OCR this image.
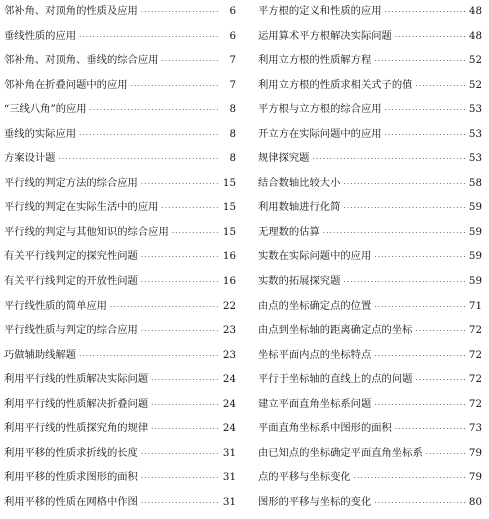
邻补角、对顶角的性质及应用 ·····	6
垂线性质的应用 ·····	6
邻补角、对顶角、垂线的综合应用 ·····	7
邻补角在折叠问题中的应用 ·····	7
“三线八角”的应用 ·····	8
垂线的实际应用 ·····	8
方案设计题 ·····	8
平行线的判定方法的综合应用 ·····	15
平行线的判定在实际生活中的应用 ·····	15
平行线的判定与其他知识的综合应用 ·····	15
有关平行线判定的探究性问题 ·····	16
有关平行线判定的开放性问题 ·····	16
平行线性质的简单应用 ·····	22
平行线性质与判定的综合应用 ·····	23
巧做辅助线解题 ·····	23
利用平行线的性质解决实际问题 ·····	24
利用平行线的性质解决折叠问题 ·····	24
利用平行线的性质探究角的规律 ·····	24
利用平移的性质求折线的长度 ·····	31
利用平移的性质求图形的面积 ·····	31
利用平移的性质在网格中作图 ·····	31
平方根的定义和性质的应用 ·····	48
运用算术平方根解决实际问题 ·····	48
利用立方根的性质解方程 ·····	52
利用立方根的性质求相关式子的值 ·····	52
平方根与立方根的综合应用 ·····	53
开立方在实际问题中的应用 ·····	53
规律探究题 ·····	53
结合数轴比较大小 ·····	58
利用数轴进行化简 ·····	59
无理数的估算 ·····	59
实数在实际问题中的应用 ·····	59
实数的拓展探究题 ·····	59
由点的坐标确定点的位置 ·····	71
由点到坐标轴的距离确定点的坐标 ·····	72
坐标平面内点的坐标特点 ·····	72
平行于坐标轴的直线上的点的问题 ·····	72
建立平面直角坐标系问题 ·····	72
平面直角坐标系中图形的面积 ·····	73
由已知点的坐标确定平面直角坐标系 ·····	79
点的平移与坐标变化 ·····	79
图形的平移与坐标的变化 ·····	80
